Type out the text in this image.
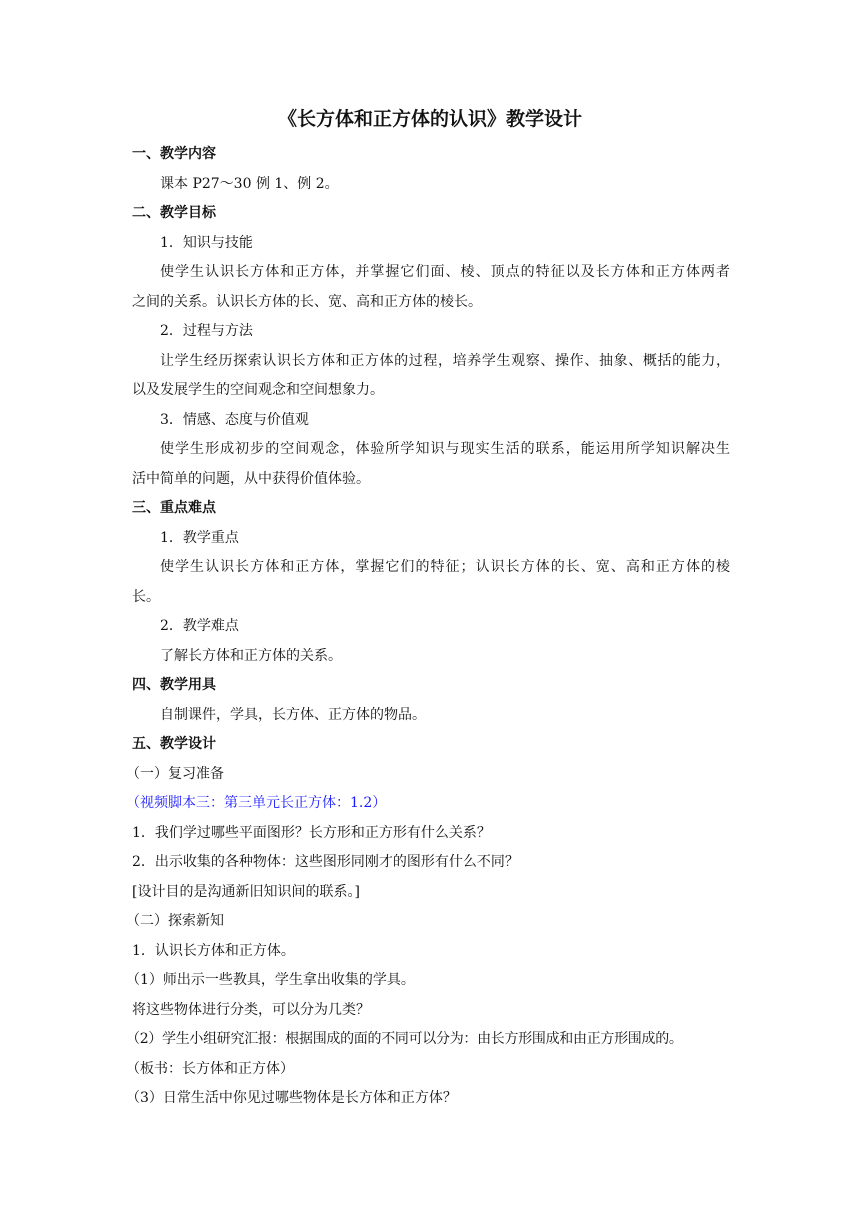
《长方体和正方体的认识》教学设计
一、教学内容
课本 P27～30 例 1、例 2。
二、教学目标
1．知识与技能
使学生认识长方体和正方体，并掌握它们面、棱、顶点的特征以及长方体和正方体两者
之间的关系。认识长方体的长、宽、高和正方体的棱长。
2．过程与方法
让学生经历探索认识长方体和正方体的过程，培养学生观察、操作、抽象、概括的能力，
以及发展学生的空间观念和空间想象力。
3．情感、态度与价值观
使学生形成初步的空间观念，体验所学知识与现实生活的联系，能运用所学知识解决生
活中简单的问题，从中获得价值体验。
三、重点难点
1．教学重点
使学生认识长方体和正方体，掌握它们的特征；认识长方体的长、宽、高和正方体的棱
长。
2．教学难点
了解长方体和正方体的关系。
四、教学用具
自制课件，学具，长方体、正方体的物品。
五、教学设计
（一）复习准备
（视频脚本三：第三单元长正方体：1.2）
1．我们学过哪些平面图形？长方形和正方形有什么关系？
2．出示收集的各种物体：这些图形同刚才的图形有什么不同？
[设计目的是沟通新旧知识间的联系。]
（二）探索新知
1．认识长方体和正方体。
（1）师出示一些教具，学生拿出收集的学具。
将这些物体进行分类，可以分为几类？
（2）学生小组研究汇报：根据围成的面的不同可以分为：由长方形围成和由正方形围成的。
（板书：长方体和正方体）
（3）日常生活中你见过哪些物体是长方体和正方体？
